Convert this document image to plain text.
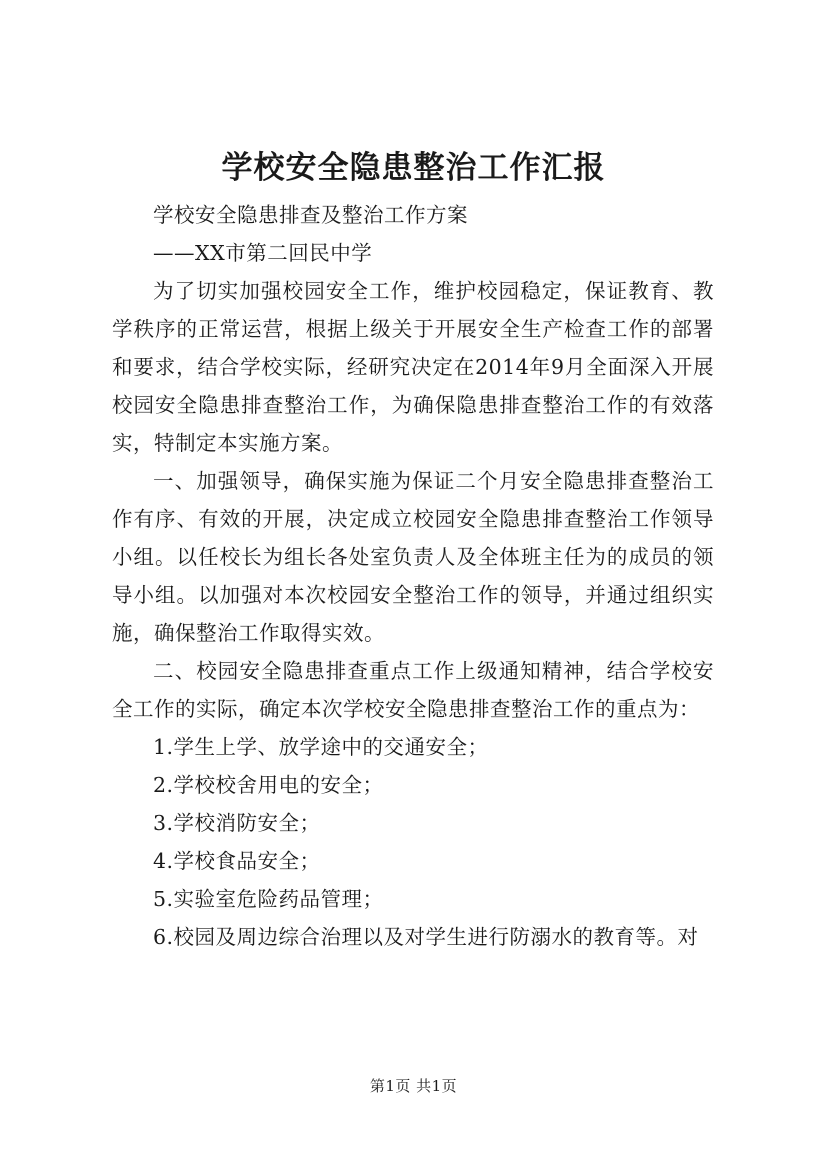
学校安全隐患整治工作汇报

学校安全隐患排查及整治工作方案

——XX市第二回民中学

为了切实加强校园安全工作，维护校园稳定，保证教育、教学秩序的正常运营，根据上级关于开展安全生产检查工作的部署和要求，结合学校实际，经研究决定在2014年9月全面深入开展校园安全隐患排查整治工作，为确保隐患排查整治工作的有效落实，特制定本实施方案。

一、加强领导，确保实施为保证二个月安全隐患排查整治工作有序、有效的开展，决定成立校园安全隐患排查整治工作领导小组。以任校长为组长各处室负责人及全体班主任为的成员的领导小组。以加强对本次校园安全整治工作的领导，并通过组织实施，确保整治工作取得实效。

二、校园安全隐患排查重点工作上级通知精神，结合学校安全工作的实际，确定本次学校安全隐患排查整治工作的重点为：

1.学生上学、放学途中的交通安全；

2.学校校舍用电的安全；

3.学校消防安全；

4.学校食品安全；

5.实验室危险药品管理；

6.校园及周边综合治理以及对学生进行防溺水的教育等。对

第1页 共1页
